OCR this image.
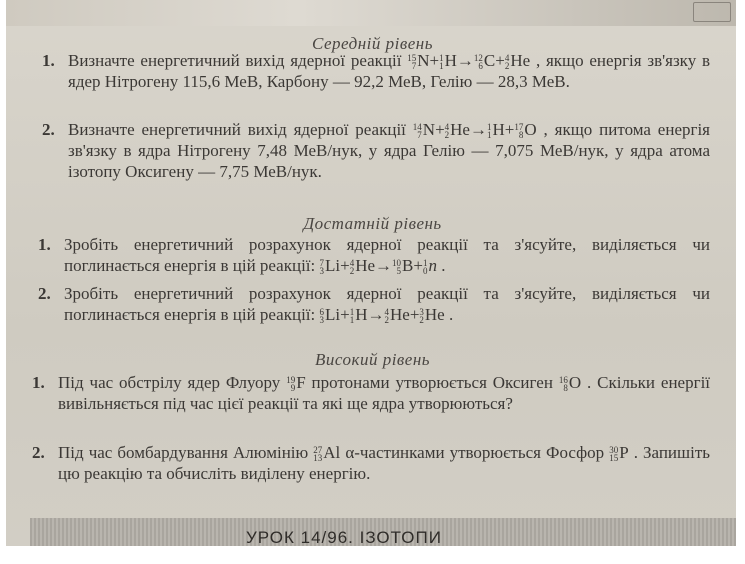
Середній рівень
1. Визначте енергетичний вихід ядерної реакції 15
7 N+ 1
1 H→ 12
6 C+ 4
2 He , якщо енергія зв'язку в ядер Нітрогену 115,6 МеВ, Карбону — 92,2 МеВ, Гелію — 28,3 МеВ.
2. Визначте енергетичний вихід ядерної реакції 14
7 N+ 4
2 He→ 1
1 H+ 17
8 O , якщо питома енергія зв'язку в ядра Нітрогену 7,48 МеВ/нук, у ядра Гелію — 7,075 МеВ/нук, у ядра атома ізотопу Оксигену — 7,75 МеВ/нук.
Достатній рівень
1. Зробіть енергетичний розрахунок ядерної реакції та з'ясуйте, виділяється чи поглинається енергія в цій реакції: 7
3 Li+ 4
2 He→ 10
5 B+ 1
0 n .
2. Зробіть енергетичний розрахунок ядерної реакції та з'ясуйте, виділяється чи поглинається енергія в цій реакції: 6
3 Li+ 1
1 H→ 4
2 He+ 3
2 He .
Високий рівень
1. Під час обстрілу ядер Флуору 19
9 F протонами утворюється Оксиген 16
8 O . Скільки енергії вивільняється під час цієї реакції та які ще ядра утворюються?
2. Під час бомбардування Алюмінію 27
13 Al α-частинками утворюється Фосфор 30
15 P . Запишіть цю реакцію та обчисліть виділену енергію.
УРОК 14/96. ІЗОТОПИ
